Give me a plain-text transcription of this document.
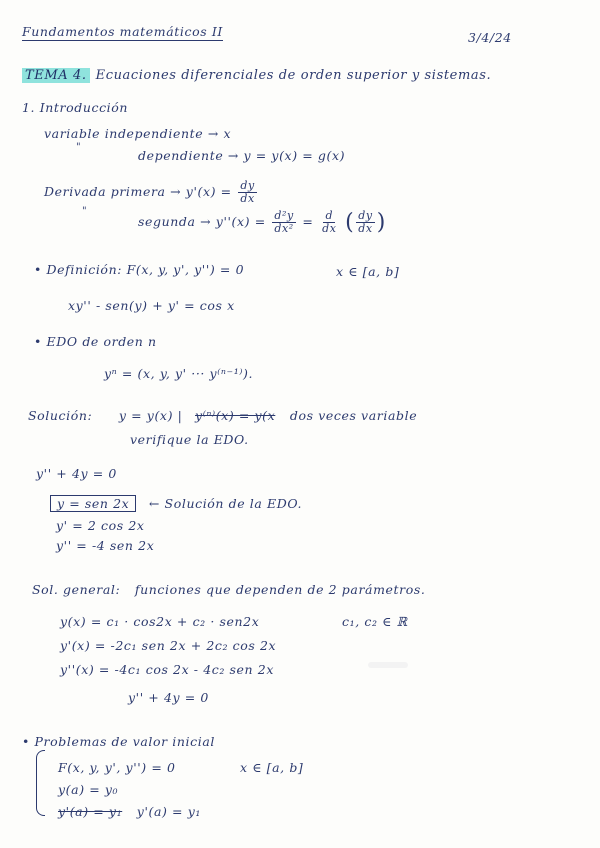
Fundamentos matemáticos II	3/4/24
TEMA 4. Ecuaciones diferenciales de orden superior y sistemas.
1. Introducción
variable independiente → x
"
dependiente → y = y(x) = g(x)
Derivada primera → $y'(x) = \frac{dy}{dx}$
"
segunda → $y''(x) = \frac{\text{d²y}}{\text{dx²}} = \frac{d}{dx}$ ( $\frac{dy}{dx}$ )
• Definición: F(x, y, y', y'') = 0	x ∈ [a, b]
xy'' - sen(y) + y' = cos x
• EDO de orden n
yⁿ = (x, y, y' ··· y⁽ⁿ⁻¹⁾).
Solución: y = y(x) | y⁽ⁿ⁾(x) = y(x dos veces variable
verifique la EDO.
y'' + 4y = 0
y = sen 2x ← Solución de la EDO.
y' = 2 cos 2x
y'' = -4 sen 2x
Sol. general: funciones que dependen de 2 parámetros.
y(x) = c₁ · cos2x + c₂ · sen2x	c₁, c₂ ∈ ℝ
y'(x) = -2c₁ sen 2x + 2c₂ cos 2x
y''(x) = -4c₁ cos 2x - 4c₂ sen 2x
y'' + 4y = 0
• Problemas de valor inicial
F(x, y, y', y'') = 0	x ∈ [a, b]
y(a) = y₀
y'(a) = y₁ y'(a) = y₁
